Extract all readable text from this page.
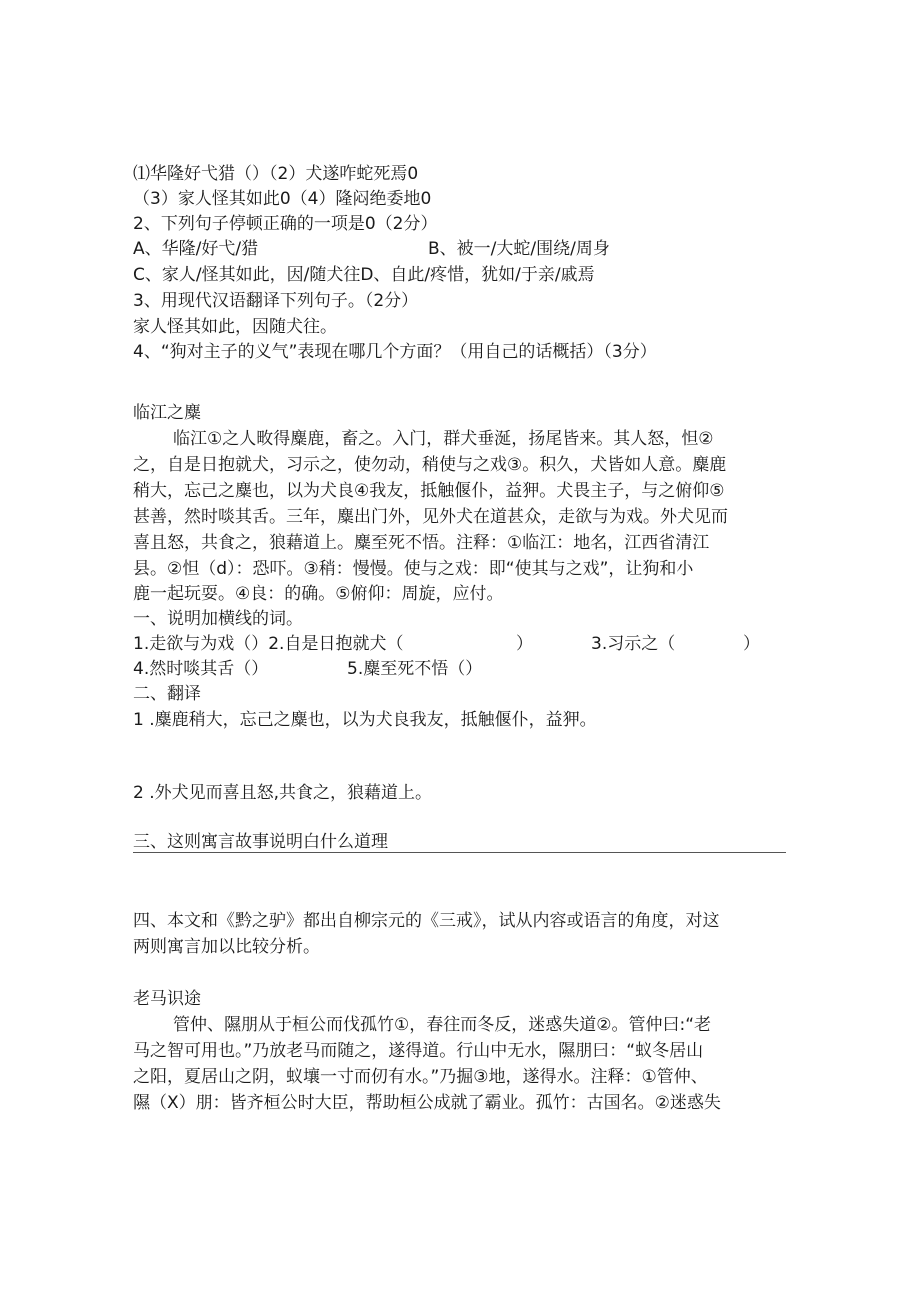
⑴华隆好弋猎（）（2）犬遂咋蛇死焉0
（3）家人怪其如此0（4）隆闷绝委地0
2、下列句子停顿正确的一项是0（2分）
A、华隆/好弋/猎	B、被一/大蛇/围绕/周身
C、家人/怪其如此，因/随犬往D、自此/疼惜，犹如/于亲/戚焉
3、用现代汉语翻译下列句子。（2分）
家人怪其如此，因随犬往。
4、“狗对主子的义气”表现在哪几个方面？（用自己的话概括）（3分）
临江之麋
临江①之人畋得麋鹿，畜之。入门，群犬垂涎，扬尾皆来。其人怒，怛②
之，自是日抱就犬，习示之，使勿动，稍使与之戏③。积久，犬皆如人意。麋鹿
稍大，忘己之麋也，以为犬良④我友，抵触偃仆，益狎。犬畏主子，与之俯仰⑤
甚善，然时啖其舌。三年，麋出门外，见外犬在道甚众，走欲与为戏。外犬见而
喜且怒，共食之，狼藉道上。麋至死不悟。注释：①临江：地名，江西省清江
县。②怛（d）：恐吓。③稍：慢慢。使与之戏：即“使其与之戏”，让狗和小
鹿一起玩耍。④良：的确。⑤俯仰：周旋，应付。
一、说明加横线的词。
1.走欲与为戏（）2.自是日抱就犬（	）	3.习示之（	）
4.然时啖其舌（）	5.麋至死不悟（）
二、翻译
1 .麋鹿稍大，忘己之麋也，以为犬良我友，抵触偃仆，益狎。
2 .外犬见而喜且怒,共食之，狼藉道上。
三、这则寓言故事说明白什么道理
四、本文和《黔之驴》都出自柳宗元的《三戒》，试从内容或语言的角度，对这
两则寓言加以比较分析。
老马识途
管仲、隰朋从于桓公而伐孤竹①，春往而冬反，迷惑失道②。管仲曰:“老
马之智可用也。”乃放老马而随之，遂得道。行山中无水，隰朋曰：“蚁冬居山
之阳，夏居山之阴，蚁壤一寸而仞有水。”乃掘③地，遂得水。注释：①管仲、
隰（X）朋：皆齐桓公时大臣，帮助桓公成就了霸业。孤竹：古国名。②迷惑失
